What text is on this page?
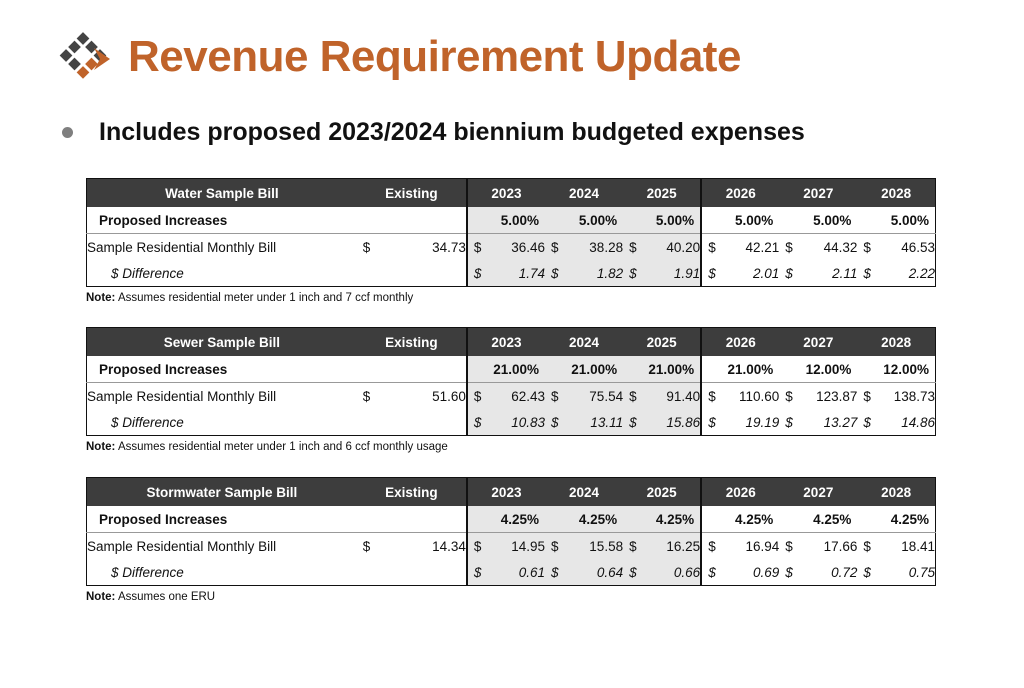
Revenue Requirement Update
Includes proposed 2023/2024 biennium budgeted expenses
Water Sample Bill	Existing		2023		2024		2025		2026		2027		2028	
Proposed Increases			5.00%		5.00%		5.00%		5.00%		5.00%		5.00%	
Sample Residential Monthly Bill	$	34.73	$	36.46	$	38.28	$	40.20	$	42.21	$	44.32	$	46.53
$ Difference			$	1.74	$	1.82	$	1.91	$	2.01	$	2.11	$	2.22
Note: Assumes residential meter under 1 inch and 7 ccf monthly
Sewer Sample Bill	Existing		2023		2024		2025		2026		2027		2028	
Proposed Increases			21.00%		21.00%		21.00%		21.00%		12.00%		12.00%	
Sample Residential Monthly Bill	$	51.60	$	62.43	$	75.54	$	91.40	$	110.60	$	123.87	$	138.73
$ Difference			$	10.83	$	13.11	$	15.86	$	19.19	$	13.27	$	14.86
Note: Assumes residential meter under 1 inch and 6 ccf monthly usage
Stormwater Sample Bill	Existing		2023		2024		2025		2026		2027		2028	
Proposed Increases			4.25%		4.25%		4.25%		4.25%		4.25%		4.25%	
Sample Residential Monthly Bill	$	14.34	$	14.95	$	15.58	$	16.25	$	16.94	$	17.66	$	18.41
$ Difference			$	0.61	$	0.64	$	0.66	$	0.69	$	0.72	$	0.75
Note: Assumes one ERU
